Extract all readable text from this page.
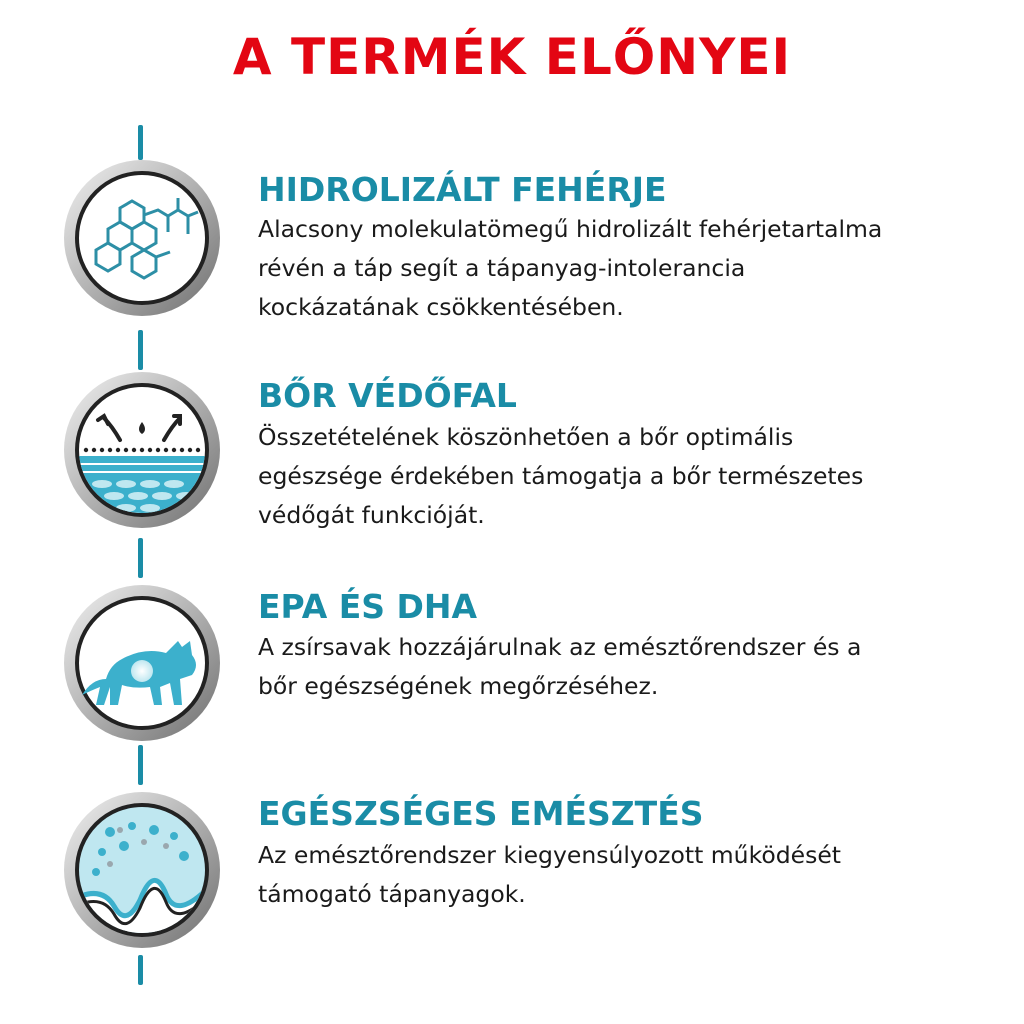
A TERMÉK ELŐNYEI
HIDROLIZÁLT FEHÉRJE

Alacsony molekulatömegű hidrolizált fehérjetartalma
révén a táp segít a tápanyag-intolerancia
kockázatának csökkentésében.

BŐR VÉDŐFAL

Összetételének köszönhetően a bőr optimális
egészsége érdekében támogatja a bőr természetes
védőgát funkcióját.

EPA ÉS DHA

A zsírsavak hozzájárulnak az emésztőrendszer és a
bőr egészségének megőrzéséhez.

EGÉSZSÉGES EMÉSZTÉS

Az emésztőrendszer kiegyensúlyozott működését
támogató tápanyagok.
